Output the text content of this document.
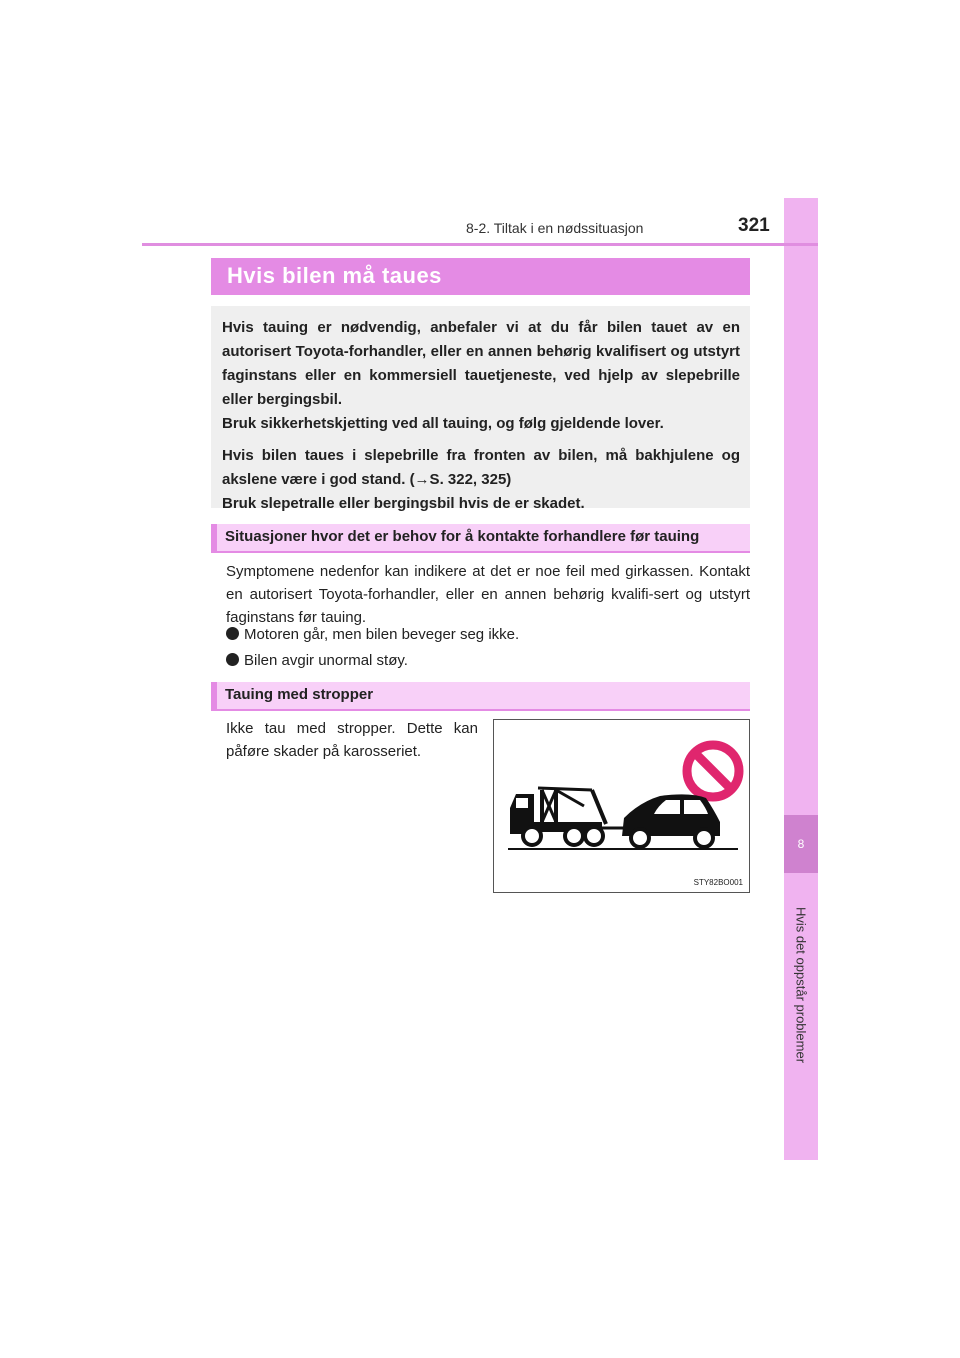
8
Hvis det oppstår problemer
8-2. Tiltak i en nødssituasjon	321
Hvis bilen må taues

Hvis tauing er nødvendig, anbefaler vi at du får bilen tauet av en autorisert Toyota-forhandler, eller en annen behørig kvalifisert og utstyrt faginstans eller en kommersiell tauetjeneste, ved hjelp av slepebrille eller bergingsbil.
Bruk sikkerhetskjetting ved all tauing, og følg gjeldende lover.

Hvis bilen taues i slepebrille fra fronten av bilen, må bakhjulene og akslene være i god stand. (→S. 322, 325)
Bruk slepetralle eller bergingsbil hvis de er skadet.

Situasjoner hvor det er behov for å kontakte forhandlere før tauing
Symptomene nedenfor kan indikere at det er noe feil med girkassen. Kontakt en autorisert Toyota-forhandler, eller en annen behørig kvalifi-sert og utstyrt faginstans før tauing.
Motoren går, men bilen beveger seg ikke.
Bilen avgir unormal støy.
Tauing med stropper
Ikke tau med stropper. Dette kan påføre skader på karosseriet.
STY82BO001
